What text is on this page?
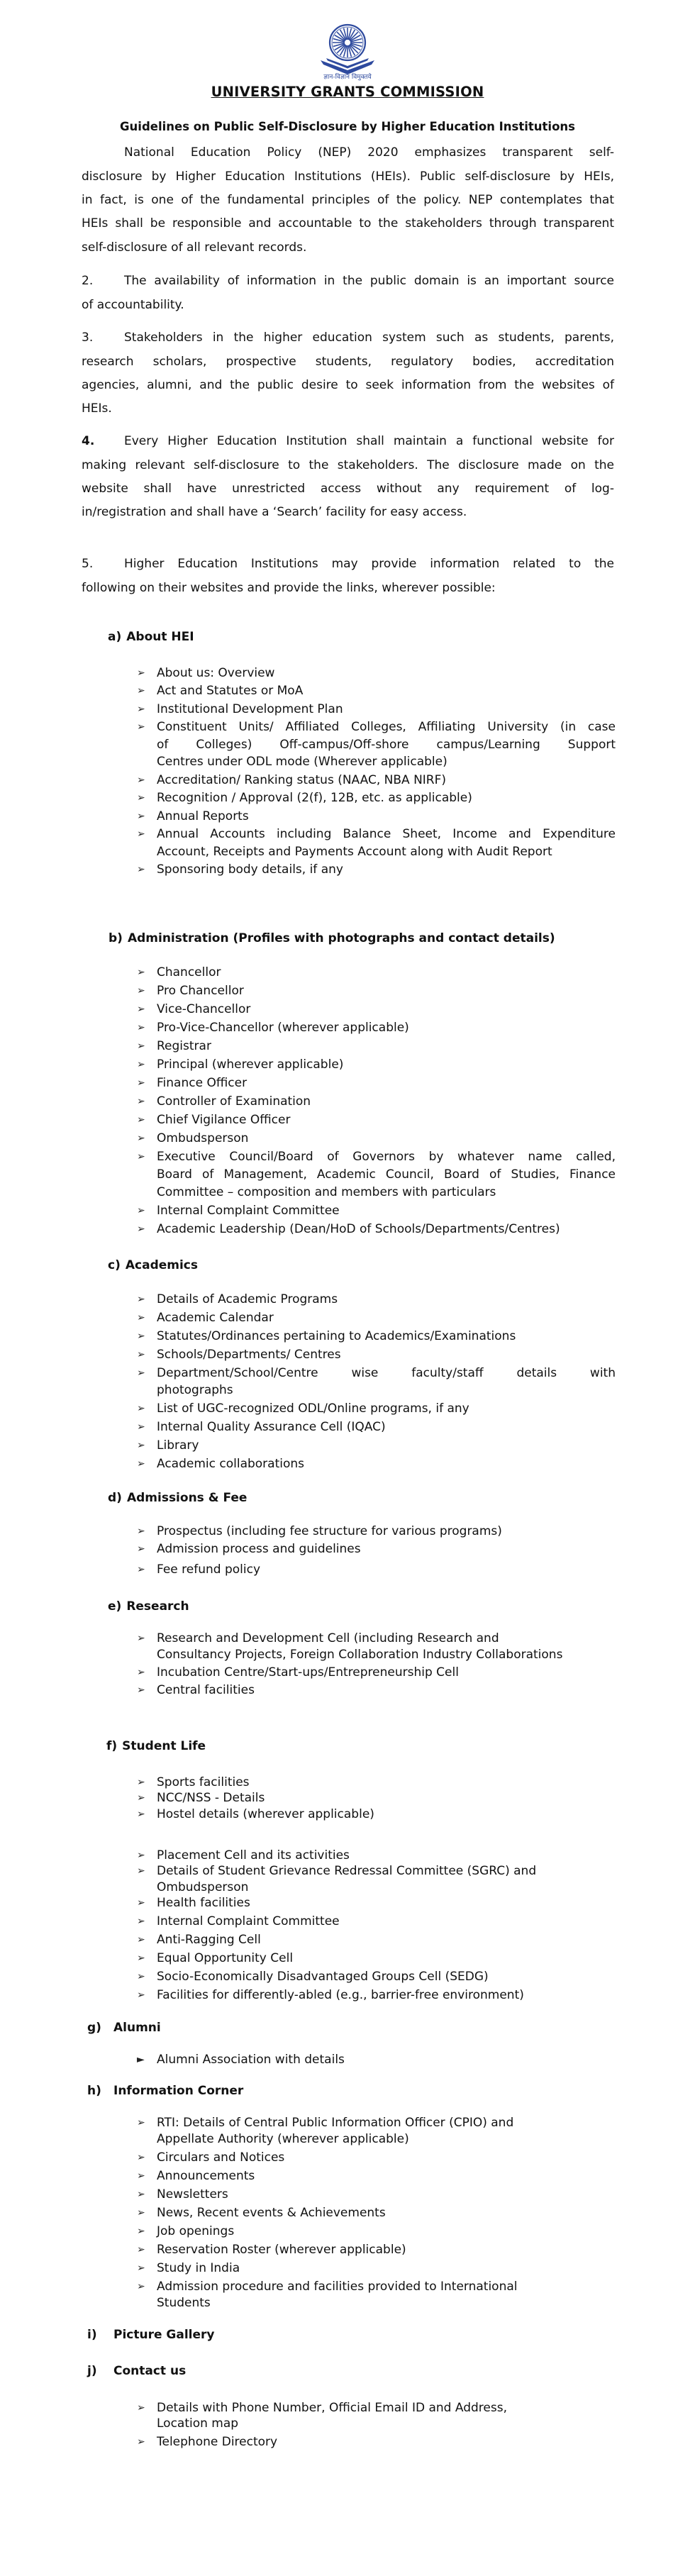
ज्ञान-विज्ञान विमुक्तये
UNIVERSITY GRANTS COMMISSION
Guidelines on Public Self-Disclosure by Higher Education Institutions
National Education Policy (NEP) 2020 emphasizes transparent self-
disclosure by Higher Education Institutions (HEIs). Public self-disclosure by HEIs,
in fact, is one of the fundamental principles of the policy. NEP contemplates that
HEIs shall be responsible and accountable to the stakeholders through transparent
self-disclosure of all relevant records.
2.	The availability of information in the public domain is an important source
of accountability.
3.	Stakeholders in the higher education system such as students, parents,
research scholars, prospective students, regulatory bodies, accreditation
agencies, alumni, and the public desire to seek information from the websites of
HEIs.
4. Every Higher Education Institution shall maintain a functional website for
making relevant self-disclosure to the stakeholders. The disclosure made on the
website shall have unrestricted access without any requirement of log-
in/registration and shall have a ‘Search’ facility for easy access.
5.	Higher Education Institutions may provide information related to the
following on their websites and provide the links, wherever possible:
a) About HEI
➢ About us: Overview
➢ Act and Statutes or MoA
➢ Institutional Development Plan
➢ Constituent Units/ Affiliated Colleges, Affiliating University (in case
of Colleges) Off-campus/Off-shore campus/Learning Support
Centres under ODL mode (Wherever applicable)
➢ Accreditation/ Ranking status (NAAC, NBA NIRF)
➢ Recognition / Approval (2(f), 12B, etc. as applicable)
➢ Annual Reports
➢ Annual Accounts including Balance Sheet, Income and Expenditure
Account, Receipts and Payments Account along with Audit Report
➢ Sponsoring body details, if any
b) Administration (Profiles with photographs and contact details)
➢ Chancellor
➢ Pro Chancellor
➢ Vice-Chancellor
➢ Pro-Vice-Chancellor (wherever applicable)
➢ Registrar
➢ Principal (wherever applicable)
➢ Finance Officer
➢ Controller of Examination
➢ Chief Vigilance Officer
➢ Ombudsperson
➢ Executive Council/Board of Governors by whatever name called,
Board of Management, Academic Council, Board of Studies, Finance
Committee – composition and members with particulars
➢ Internal Complaint Committee
➢ Academic Leadership (Dean/HoD of Schools/Departments/Centres)
c) Academics
➢ Details of Academic Programs
➢ Academic Calendar
➢ Statutes/Ordinances pertaining to Academics/Examinations
➢ Schools/Departments/ Centres
➢ Department/School/Centre wise faculty/staff details with
photographs
➢ List of UGC-recognized ODL/Online programs, if any
➢ Internal Quality Assurance Cell (IQAC)
➢ Library
➢ Academic collaborations
d) Admissions & Fee
➢ Prospectus (including fee structure for various programs)
➢ Admission process and guidelines
➢ Fee refund policy
e) Research
➢ Research and Development Cell (including Research and
Consultancy Projects, Foreign Collaboration Industry Collaborations
➢ Incubation Centre/Start-ups/Entrepreneurship Cell
➢ Central facilities
f) Student Life
➢ Sports facilities
➢ NCC/NSS - Details
➢ Hostel details (wherever applicable)
➢ Placement Cell and its activities
➢ Details of Student Grievance Redressal Committee (SGRC) and
Ombudsperson
➢ Health facilities
➢ Internal Complaint Committee
➢ Anti-Ragging Cell
➢ Equal Opportunity Cell
➢ Socio-Economically Disadvantaged Groups Cell (SEDG)
➢ Facilities for differently-abled (e.g., barrier-free environment)
g) Alumni
► Alumni Association with details
h) Information Corner
➢ RTI: Details of Central Public Information Officer (CPIO) and
Appellate Authority (wherever applicable)
➢ Circulars and Notices
➢ Announcements
➢ Newsletters
➢ News, Recent events & Achievements
➢ Job openings
➢ Reservation Roster (wherever applicable)
➢ Study in India
➢ Admission procedure and facilities provided to International
Students
i) Picture Gallery
j) Contact us
➢ Details with Phone Number, Official Email ID and Address,
Location map
➢ Telephone Directory
